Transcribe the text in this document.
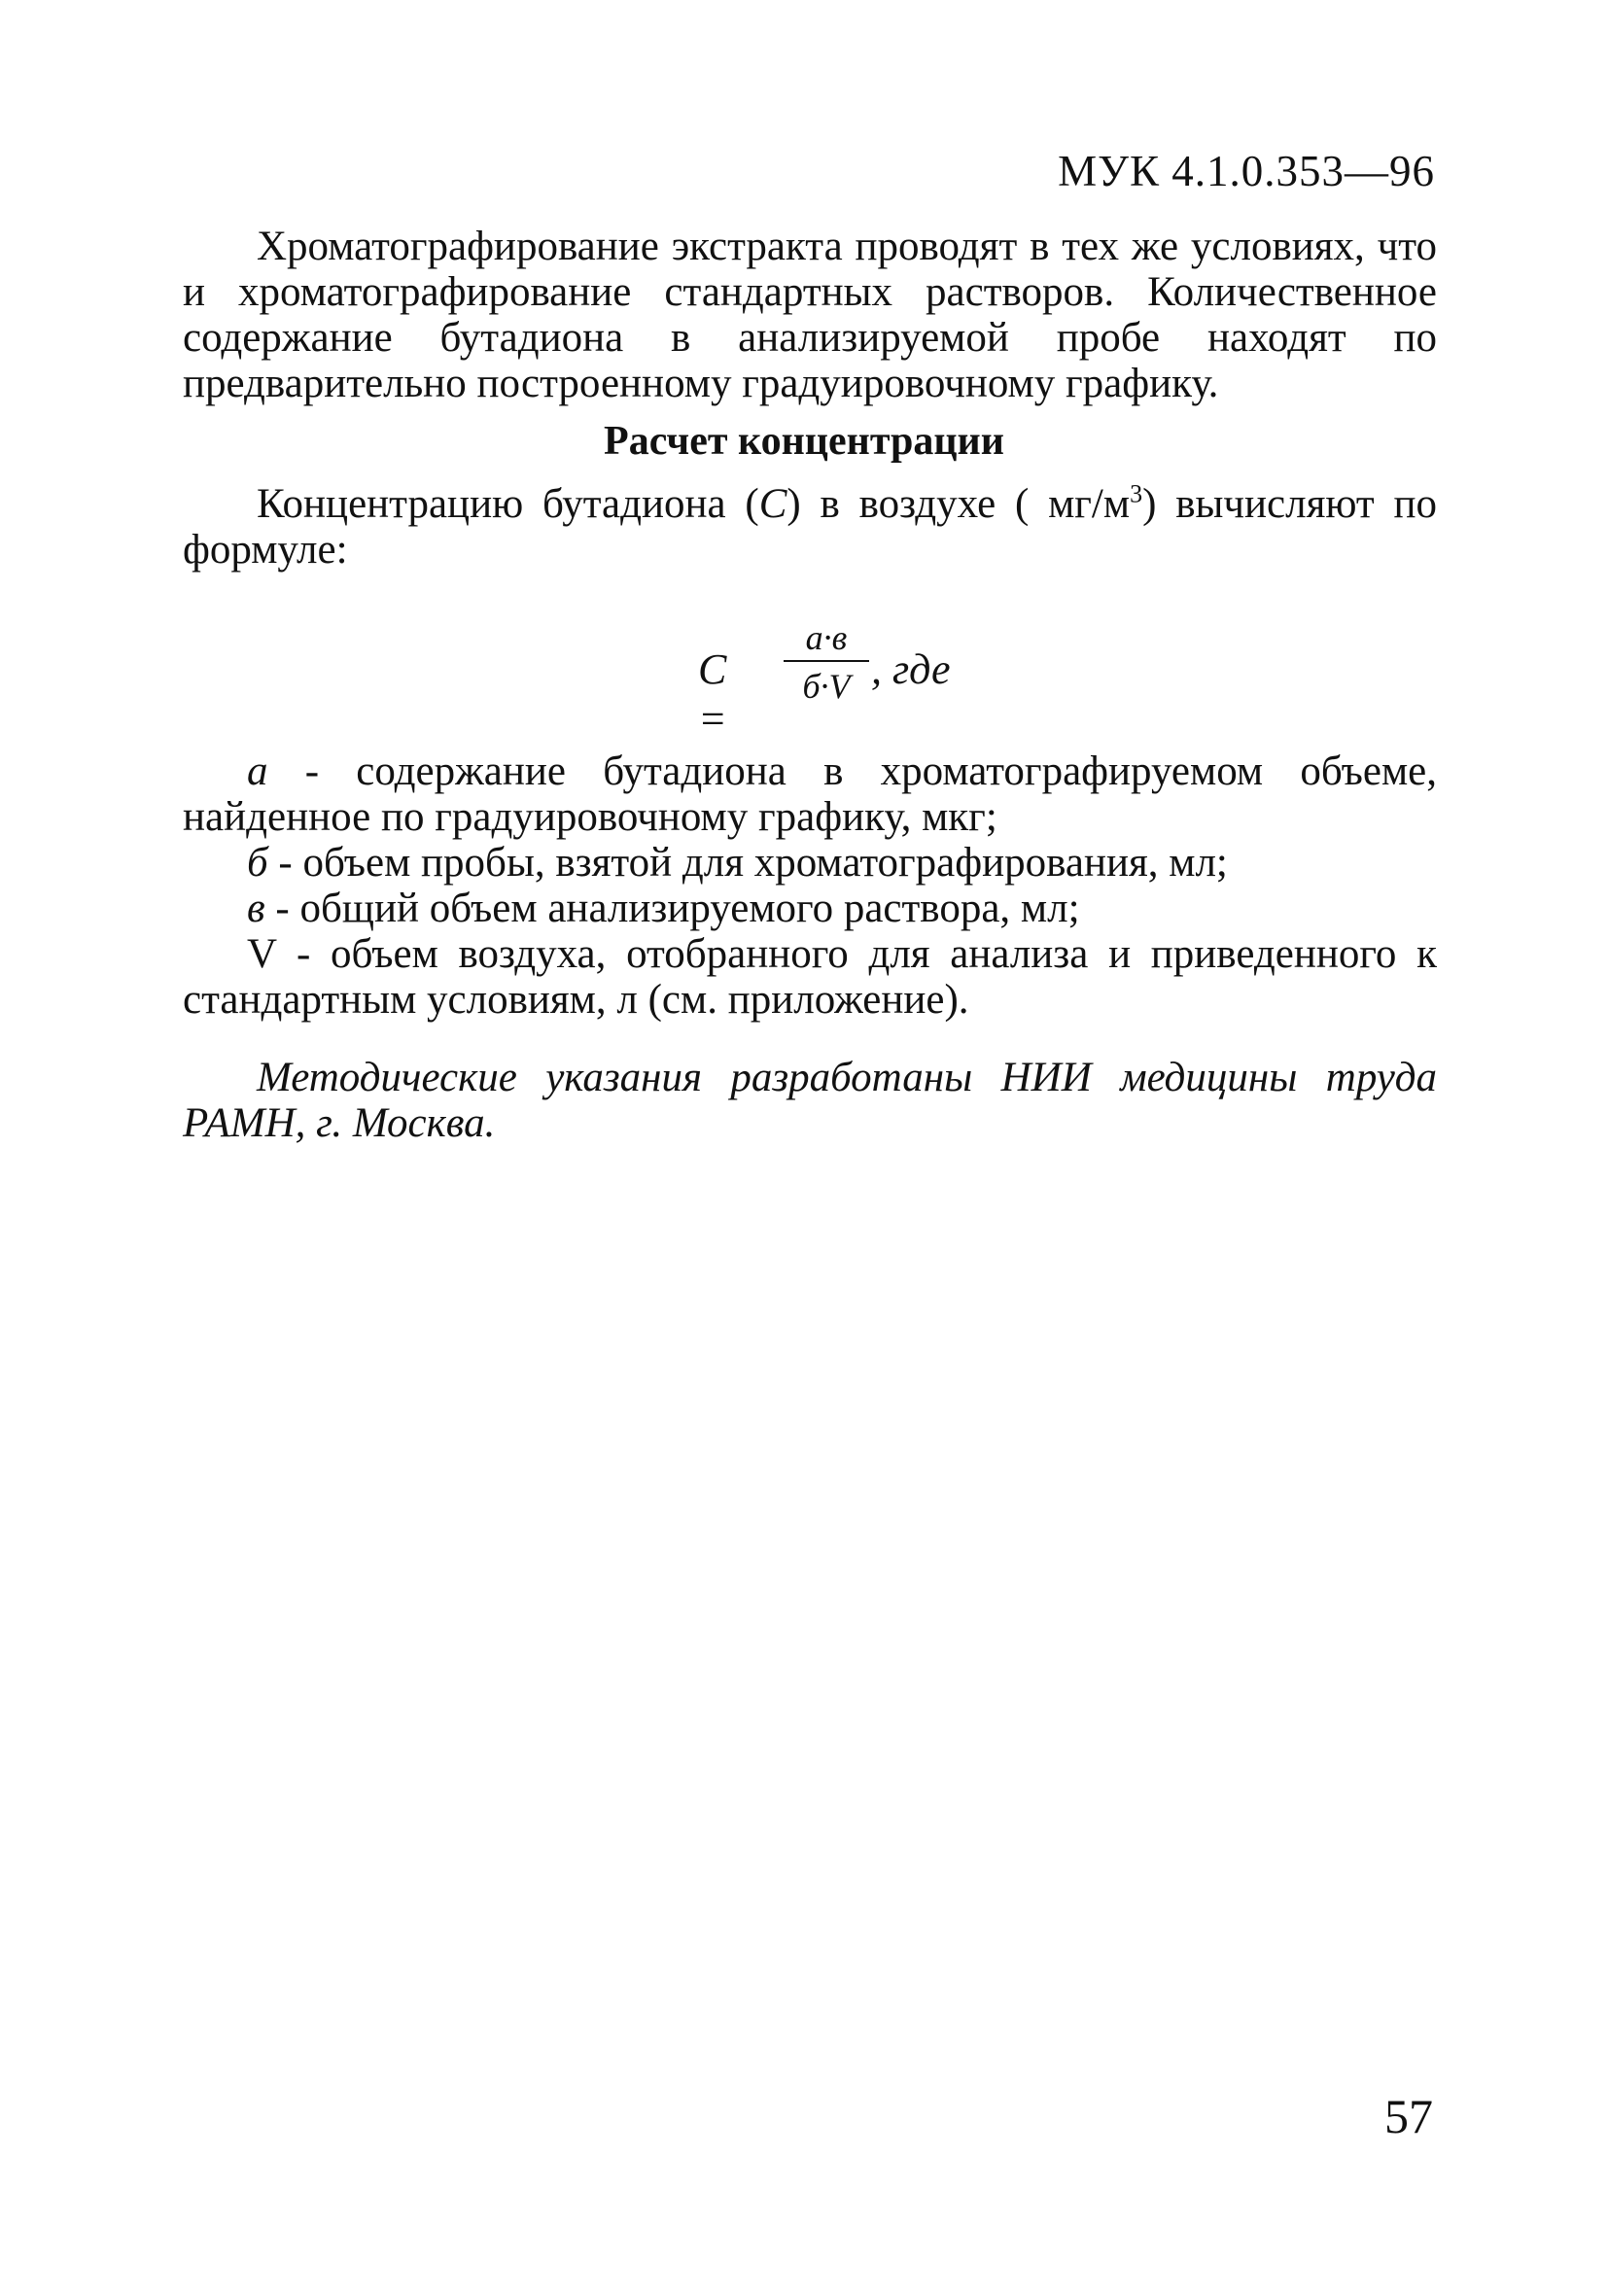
МУК 4.1.0.353—96

Хроматографирование экстракта проводят в тех же условиях, что и хроматографирование стандартных растворов. Количественное содержание бутадиона в анализируемой пробе находят по предварительно построенному градуировочному графику.

Расчет концентрации

Концентрацию бутадиона (С) в воздухе ( $мг/м^3$) вычисляют по формуле:

С =
а·в
б·V , где

а - содержание бутадиона в хроматографируемом объеме, найденное по градуировочному графику, мкг;

б - объем пробы, взятой для хроматографирования, мл;

в - общий объем анализируемого раствора, мл;

V - объем воздуха, отобранного для анализа и приведенного к стандартным условиям, л (см. приложение).

Методические указания разработаны НИИ медицины труда РАМН, г. Москва.

57
